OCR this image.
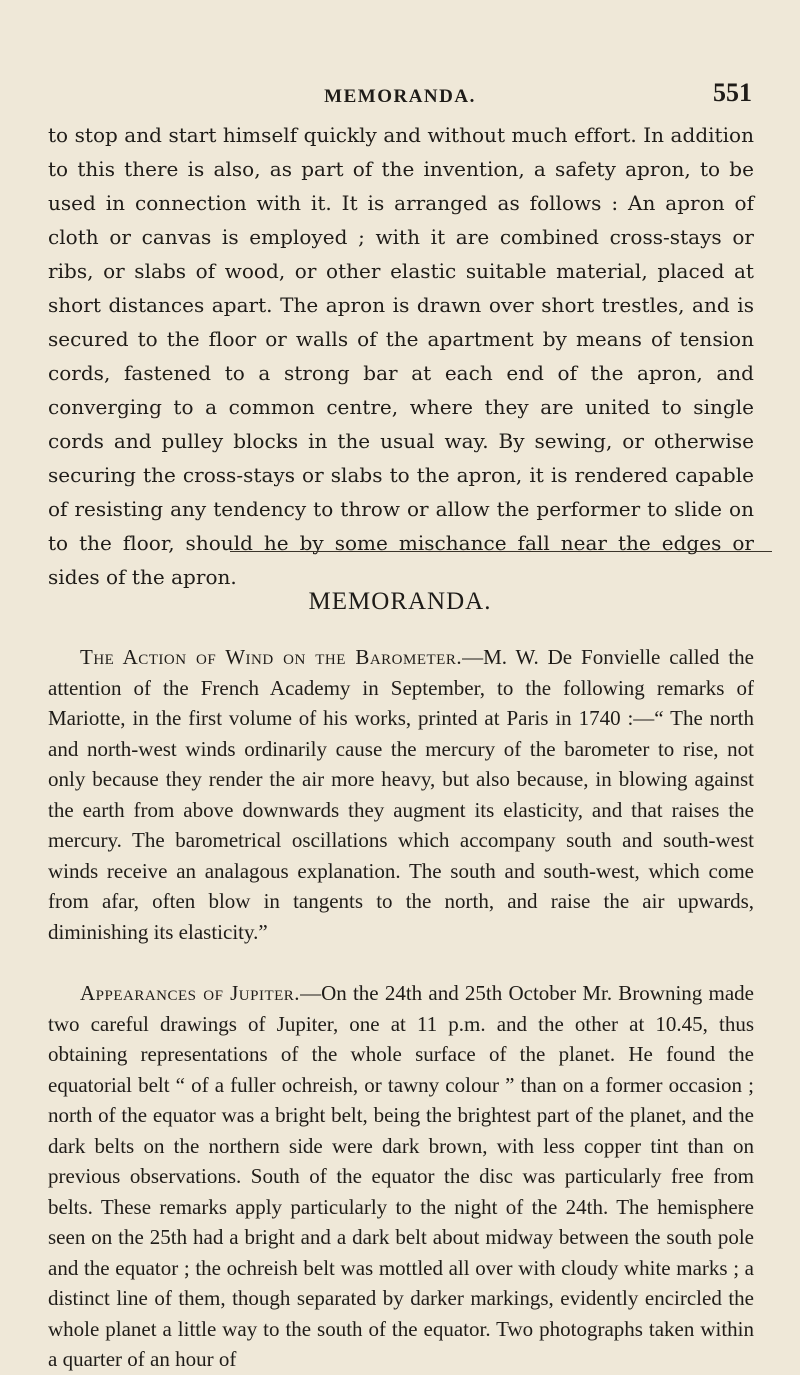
MEMORANDA.	551

to stop and start himself quickly and without much effort. In addition to this there is also, as part of the invention, a safety apron, to be used in connection with it. It is arranged as follows : An apron of cloth or canvas is employed ; with it are combined cross-stays or ribs, or slabs of wood, or other elastic suitable material, placed at short distances apart. The apron is drawn over short trestles, and is secured to the floor or walls of the apartment by means of tension cords, fastened to a strong bar at each end of the apron, and converging to a common centre, where they are united to single cords and pulley blocks in the usual way. By sewing, or otherwise securing the cross-stays or slabs to the apron, it is rendered capable of resisting any tendency to throw or allow the performer to slide on to the floor, should he by some mischance fall near the edges or sides of the apron.

MEMORANDA.

The Action of Wind on the Barometer.—M. W. De Fonvielle called the attention of the French Academy in September, to the following remarks of Mariotte, in the first volume of his works, printed at Paris in 1740 :—“ The north and north-west winds ordinarily cause the mercury of the barometer to rise, not only because they render the air more heavy, but also because, in blowing against the earth from above downwards they augment its elasticity, and that raises the mercury. The barometrical oscillations which accompany south and south-west winds receive an analagous explanation. The south and south-west, which come from afar, often blow in tangents to the north, and raise the air upwards, diminishing its elasticity.”

Appearances of Jupiter.—On the 24th and 25th October Mr. Browning made two careful drawings of Jupiter, one at 11 p.m. and the other at 10.45, thus obtaining representations of the whole surface of the planet. He found the equatorial belt “ of a fuller ochreish, or tawny colour ” than on a former occasion ; north of the equator was a bright belt, being the brightest part of the planet, and the dark belts on the northern side were dark brown, with less copper tint than on previous observations. South of the equator the disc was particularly free from belts. These remarks apply particularly to the night of the 24th. The hemisphere seen on the 25th had a bright and a dark belt about midway between the south pole and the equator ; the ochreish belt was mottled all over with cloudy white marks ; a distinct line of them, though separated by darker markings, evidently encircled the whole planet a little way to the south of the equator. Two photographs taken within a quarter of an hour of
